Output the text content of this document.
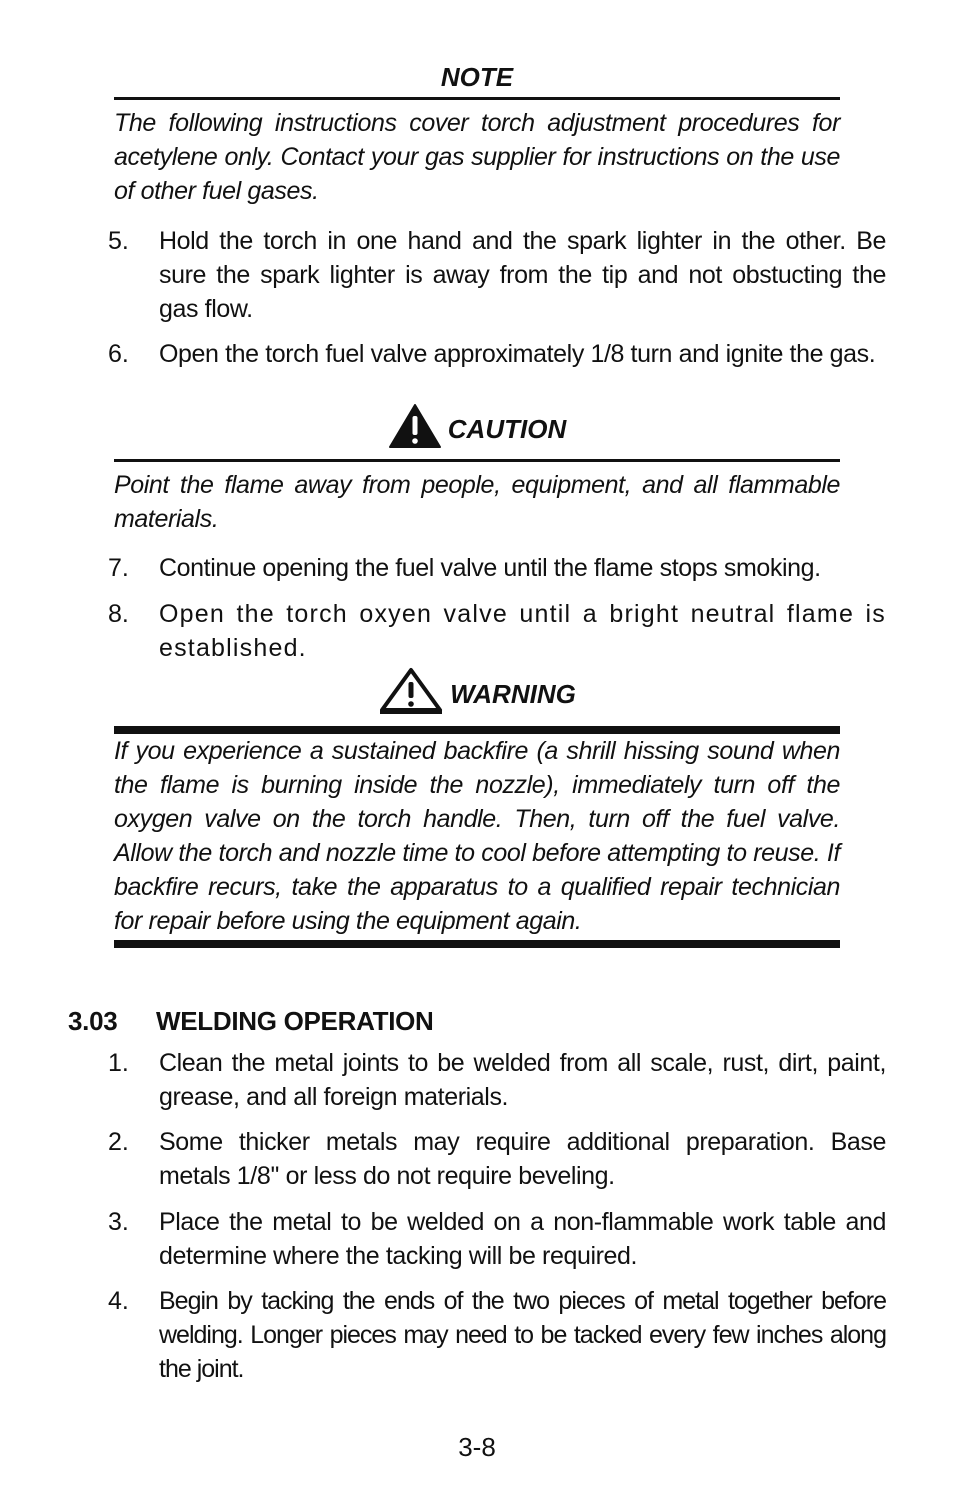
NOTE

The following instructions cover torch adjustment procedures for acetylene only. Contact your gas supplier for instructions on the use of other fuel gases.

5.	Hold the torch in one hand and the spark lighter in the other. Be sure the spark lighter is away from the tip and not obstucting the gas flow.
6.	Open the torch fuel valve approximately 1/8 turn and ignite the gas.
CAUTION

Point the flame away from people, equipment, and all flammable materials.

7.	Continue opening the fuel valve until the flame stops smoking.
8.	Open the torch oxyen valve until a bright neutral flame is established.
WARNING

If you experience a sustained backfire (a shrill hissing sound when the flame is burning inside the nozzle), immediately turn off the oxygen valve on the torch handle. Then, turn off the fuel valve. Allow the torch and nozzle time to cool before attempting to reuse. If backfire recurs, take the apparatus to a qualified repair technician for repair before using the equipment again.

3.03	WELDING OPERATION
1.	Clean the metal joints to be welded from all scale, rust, dirt, paint, grease, and all foreign materials.
2.	Some thicker metals may require additional preparation. Base metals 1/8'' or less do not require beveling.
3.	Place the metal to be welded on a non-flammable work table and determine where the tacking will be required.
4.	Begin by tacking the ends of the two pieces of metal together before welding. Longer pieces may need to be tacked every few inches along the joint.
3-8
